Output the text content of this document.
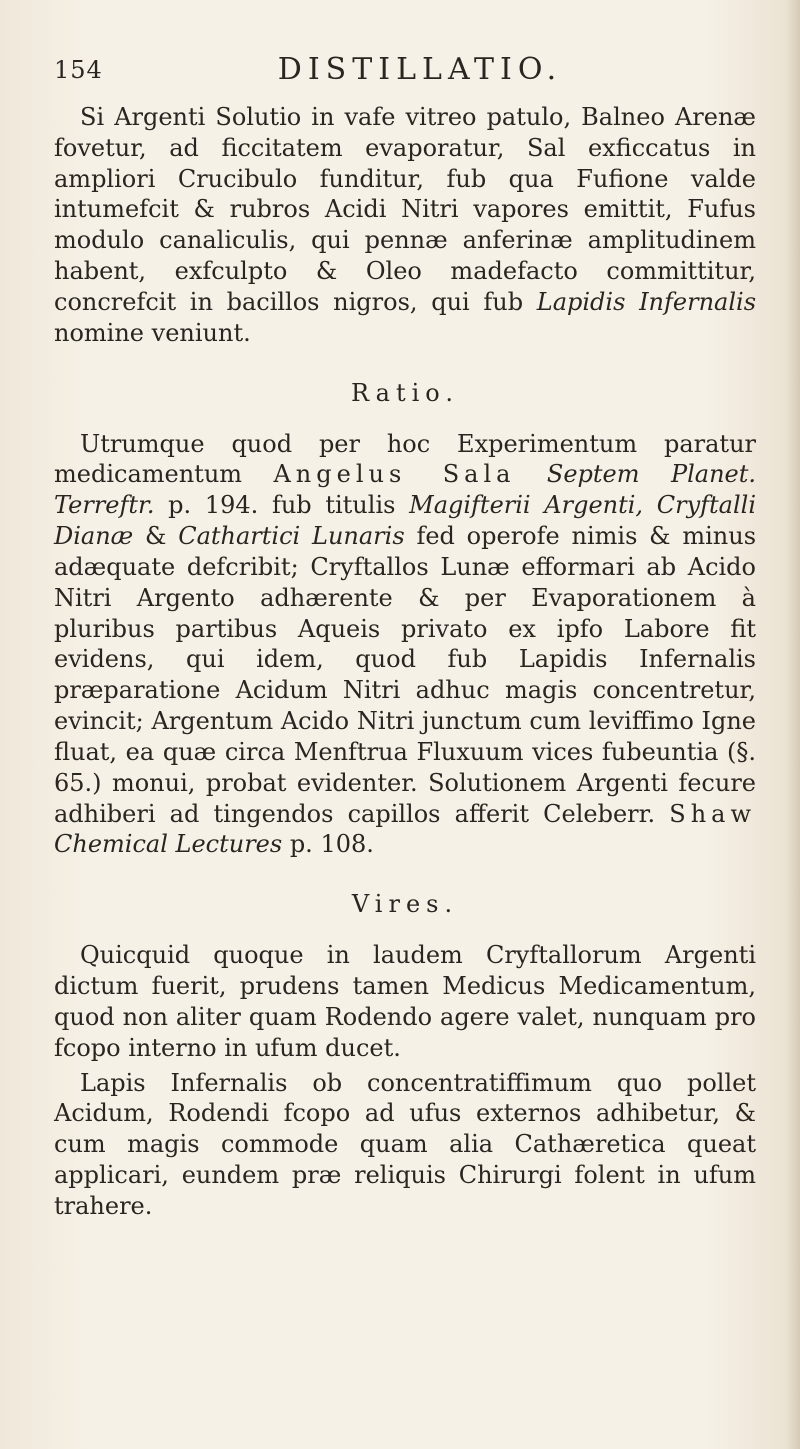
154	DISTILLATIO.

Si Argenti Solutio in vafe vitreo patulo, Balneo Arenæ fovetur, ad ficcitatem evaporatur, Sal exficcatus in ampliori Crucibulo funditur, fub qua Fufione valde intumefcit & rubros Acidi Nitri vapores emittit, Fufus modulo canaliculis, qui pennæ anferinæ amplitudinem habent, exfculpto & Oleo madefacto committitur, concrefcit in bacillos nigros, qui fub Lapidis Infernalis nomine veniunt.

Ratio.

Utrumque quod per hoc Experimentum paratur medicamentum Angelus Sala Septem Planet. Terreftr. p. 194. fub titulis Magifterii Argenti, Cryftalli Dianæ & Cathartici Lunaris fed operofe nimis & minus adæquate defcribit; Cryftallos Lunæ efformari ab Acido Nitri Argento adhærente & per Evaporationem à pluribus partibus Aqueis privato ex ipfo Labore fit evidens, qui idem, quod fub Lapidis Infernalis præparatione Acidum Nitri adhuc magis concentretur, evincit; Argentum Acido Nitri junctum cum leviffimo Igne fluat, ea quæ circa Menftrua Fluxuum vices fubeuntia (§. 65.) monui, probat evidenter. Solutionem Argenti fecure adhiberi ad tingendos capillos afferit Celeberr. Shaw Chemical Lectures p. 108.

Vires.

Quicquid quoque in laudem Cryftallorum Argenti dictum fuerit, prudens tamen Medicus Medicamentum, quod non aliter quam Rodendo agere valet, nunquam pro fcopo interno in ufum ducet.

Lapis Infernalis ob concentratiffimum quo pollet Acidum, Rodendi fcopo ad ufus externos adhibetur, & cum magis commode quam alia Cathæretica queat applicari, eundem præ reliquis Chirurgi folent in ufum trahere.
